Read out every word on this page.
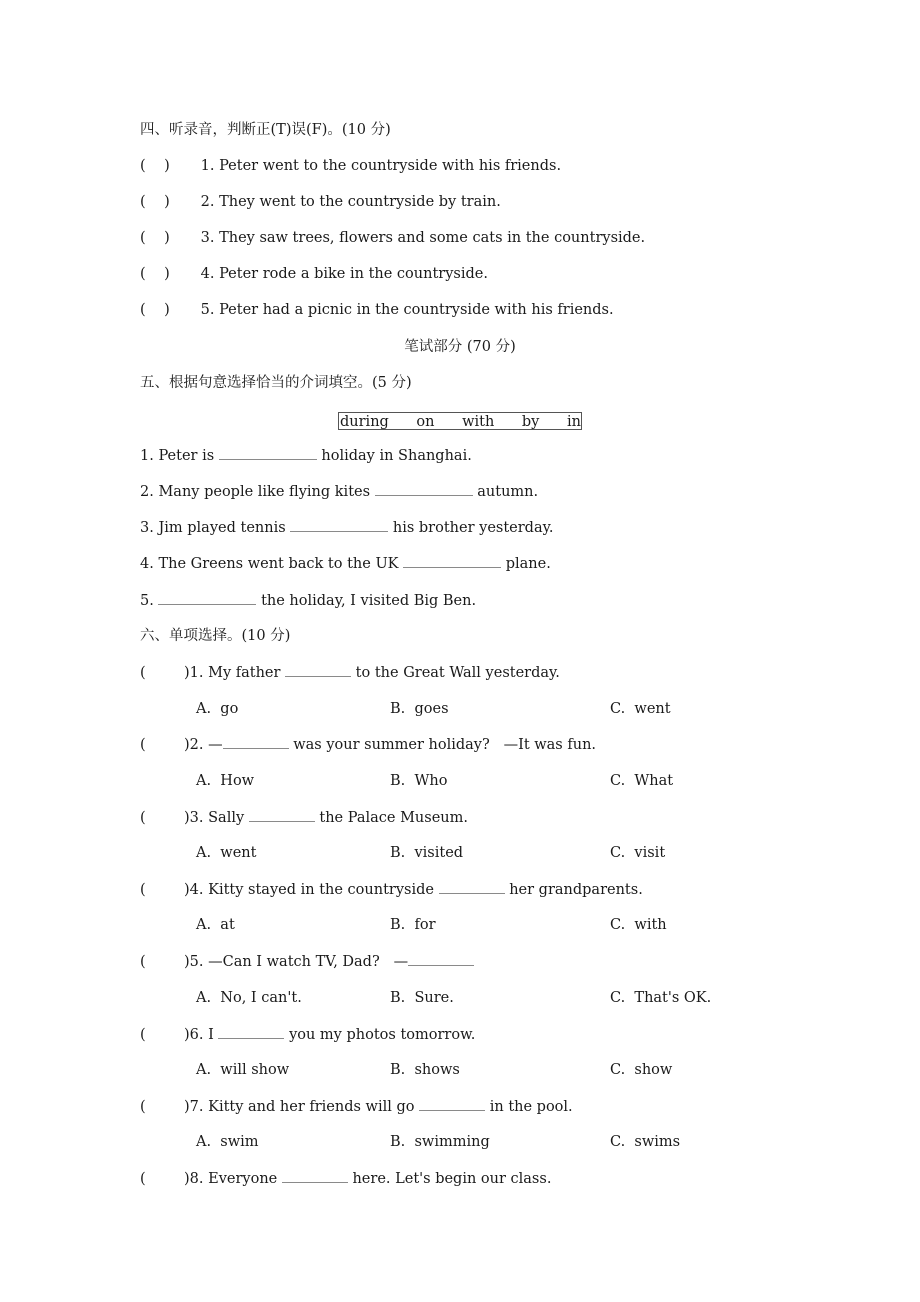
四、听录音，判断正(T)误(F)。(10 分)
(    ) 1. Peter went to the countryside with his friends.
(    ) 2. They went to the countryside by train.
(    ) 3. They saw trees, flowers and some cats in the countryside.
(    ) 4. Peter rode a bike in the countryside.
(    ) 5. Peter had a picnic in the countryside with his friends.
笔试部分 (70 分)
五、根据句意选择恰当的介词填空。(5 分)
during on with by in
1. Peter is	holiday in Shanghai.
2. Many people like flying kites	autumn.
3. Jim played tennis	his brother yesterday.
4. The Greens went back to the UK	plane.
5.	the holiday, I visited Big Ben.
六、单项选择。(10 分)
(    )1. My father	to the Great Wall yesterday.
A.  go	B.  goes	C.  went
(    )2. —	was your summer holiday?   —It was fun.
A.  How	B.  Who	C.  What
(    )3. Sally	the Palace Museum.
A.  went	B.  visited	C.  visit
(    )4. Kitty stayed in the countryside	her grandparents.
A.  at	B.  for	C.  with
(    )5. —Can I watch TV, Dad?   —
A.  No, I can't.	B.  Sure.	C.  That's OK.
(    )6. I	you my photos tomorrow.
A.  will show	B.  shows	C.  show
(    )7. Kitty and her friends will go	in the pool.
A.  swim	B.  swimming	C.  swims
(    )8. Everyone	here. Let's begin our class.
